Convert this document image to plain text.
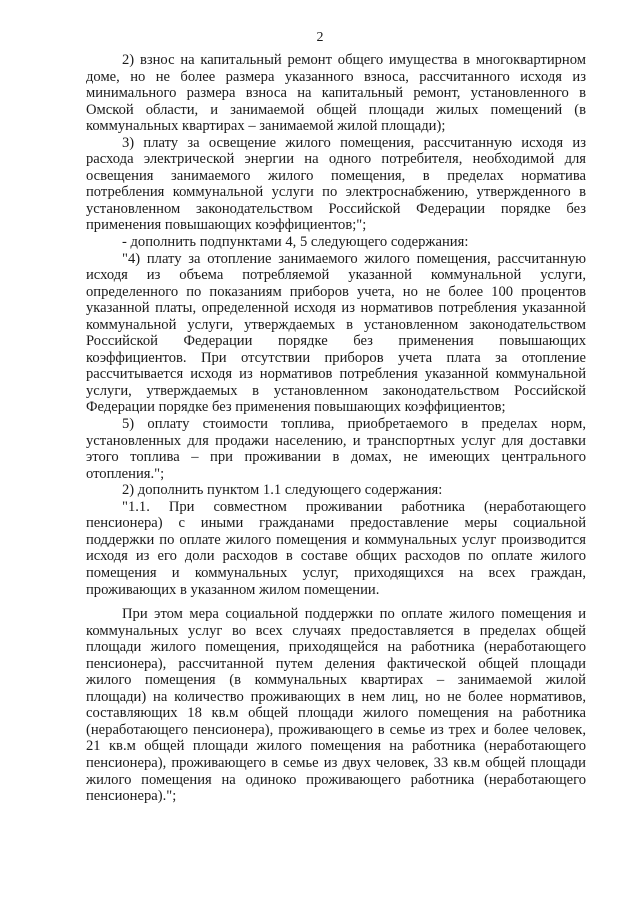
2

2) взнос на капитальный ремонт общего имущества в многоквартирном

доме, но не более размера указанного взноса, рассчитанного исходя из

минимального размера взноса на капитальный ремонт, установленного в

Омской области, и занимаемой общей площади жилых помещений (в

коммунальных квартирах – занимаемой жилой площади);

3) плату за освещение жилого помещения, рассчитанную исходя из

расхода электрической энергии на одного потребителя, необходимой для

освещения занимаемого жилого помещения, в пределах норматива

потребления коммунальной услуги по электроснабжению, утвержденного в

установленном законодательством Российской Федерации порядке без

применения повышающих коэффициентов;";

- дополнить подпунктами 4, 5 следующего содержания:

"4) плату за отопление занимаемого жилого помещения, рассчитанную

исходя из объема потребляемой указанной коммунальной услуги,

определенного по показаниям приборов учета, но не более 100 процентов

указанной платы, определенной исходя из нормативов потребления указанной

коммунальной услуги, утверждаемых в установленном законодательством

Российской Федерации порядке без применения повышающих

коэффициентов. При отсутствии приборов учета плата за отопление

рассчитывается исходя из нормативов потребления указанной коммунальной

услуги, утверждаемых в установленном законодательством Российской

Федерации порядке без применения повышающих коэффициентов;

5) оплату стоимости топлива, приобретаемого в пределах норм,

установленных для продажи населению, и транспортных услуг для доставки

этого топлива – при проживании в домах, не имеющих центрального

отопления.";

2) дополнить пунктом 1.1 следующего содержания:

"1.1. При совместном проживании работника (неработающего

пенсионера) с иными гражданами предоставление меры социальной

поддержки по оплате жилого помещения и коммунальных услуг производится

исходя из его доли расходов в составе общих расходов по оплате жилого

помещения и коммунальных услуг, приходящихся на всех граждан,

проживающих в указанном жилом помещении.

При этом мера социальной поддержки по оплате жилого помещения и

коммунальных услуг во всех случаях предоставляется в пределах общей

площади жилого помещения, приходящейся на работника (неработающего

пенсионера), рассчитанной путем деления фактической общей площади

жилого помещения (в коммунальных квартирах – занимаемой жилой

площади) на количество проживающих в нем лиц, но не более нормативов,

составляющих 18 кв.м общей площади жилого помещения на работника

(неработающего пенсионера), проживающего в семье из трех и более человек,

21 кв.м общей площади жилого помещения на работника (неработающего

пенсионера), проживающего в семье из двух человек, 33 кв.м общей площади

жилого помещения на одиноко проживающего работника (неработающего

пенсионера).";
